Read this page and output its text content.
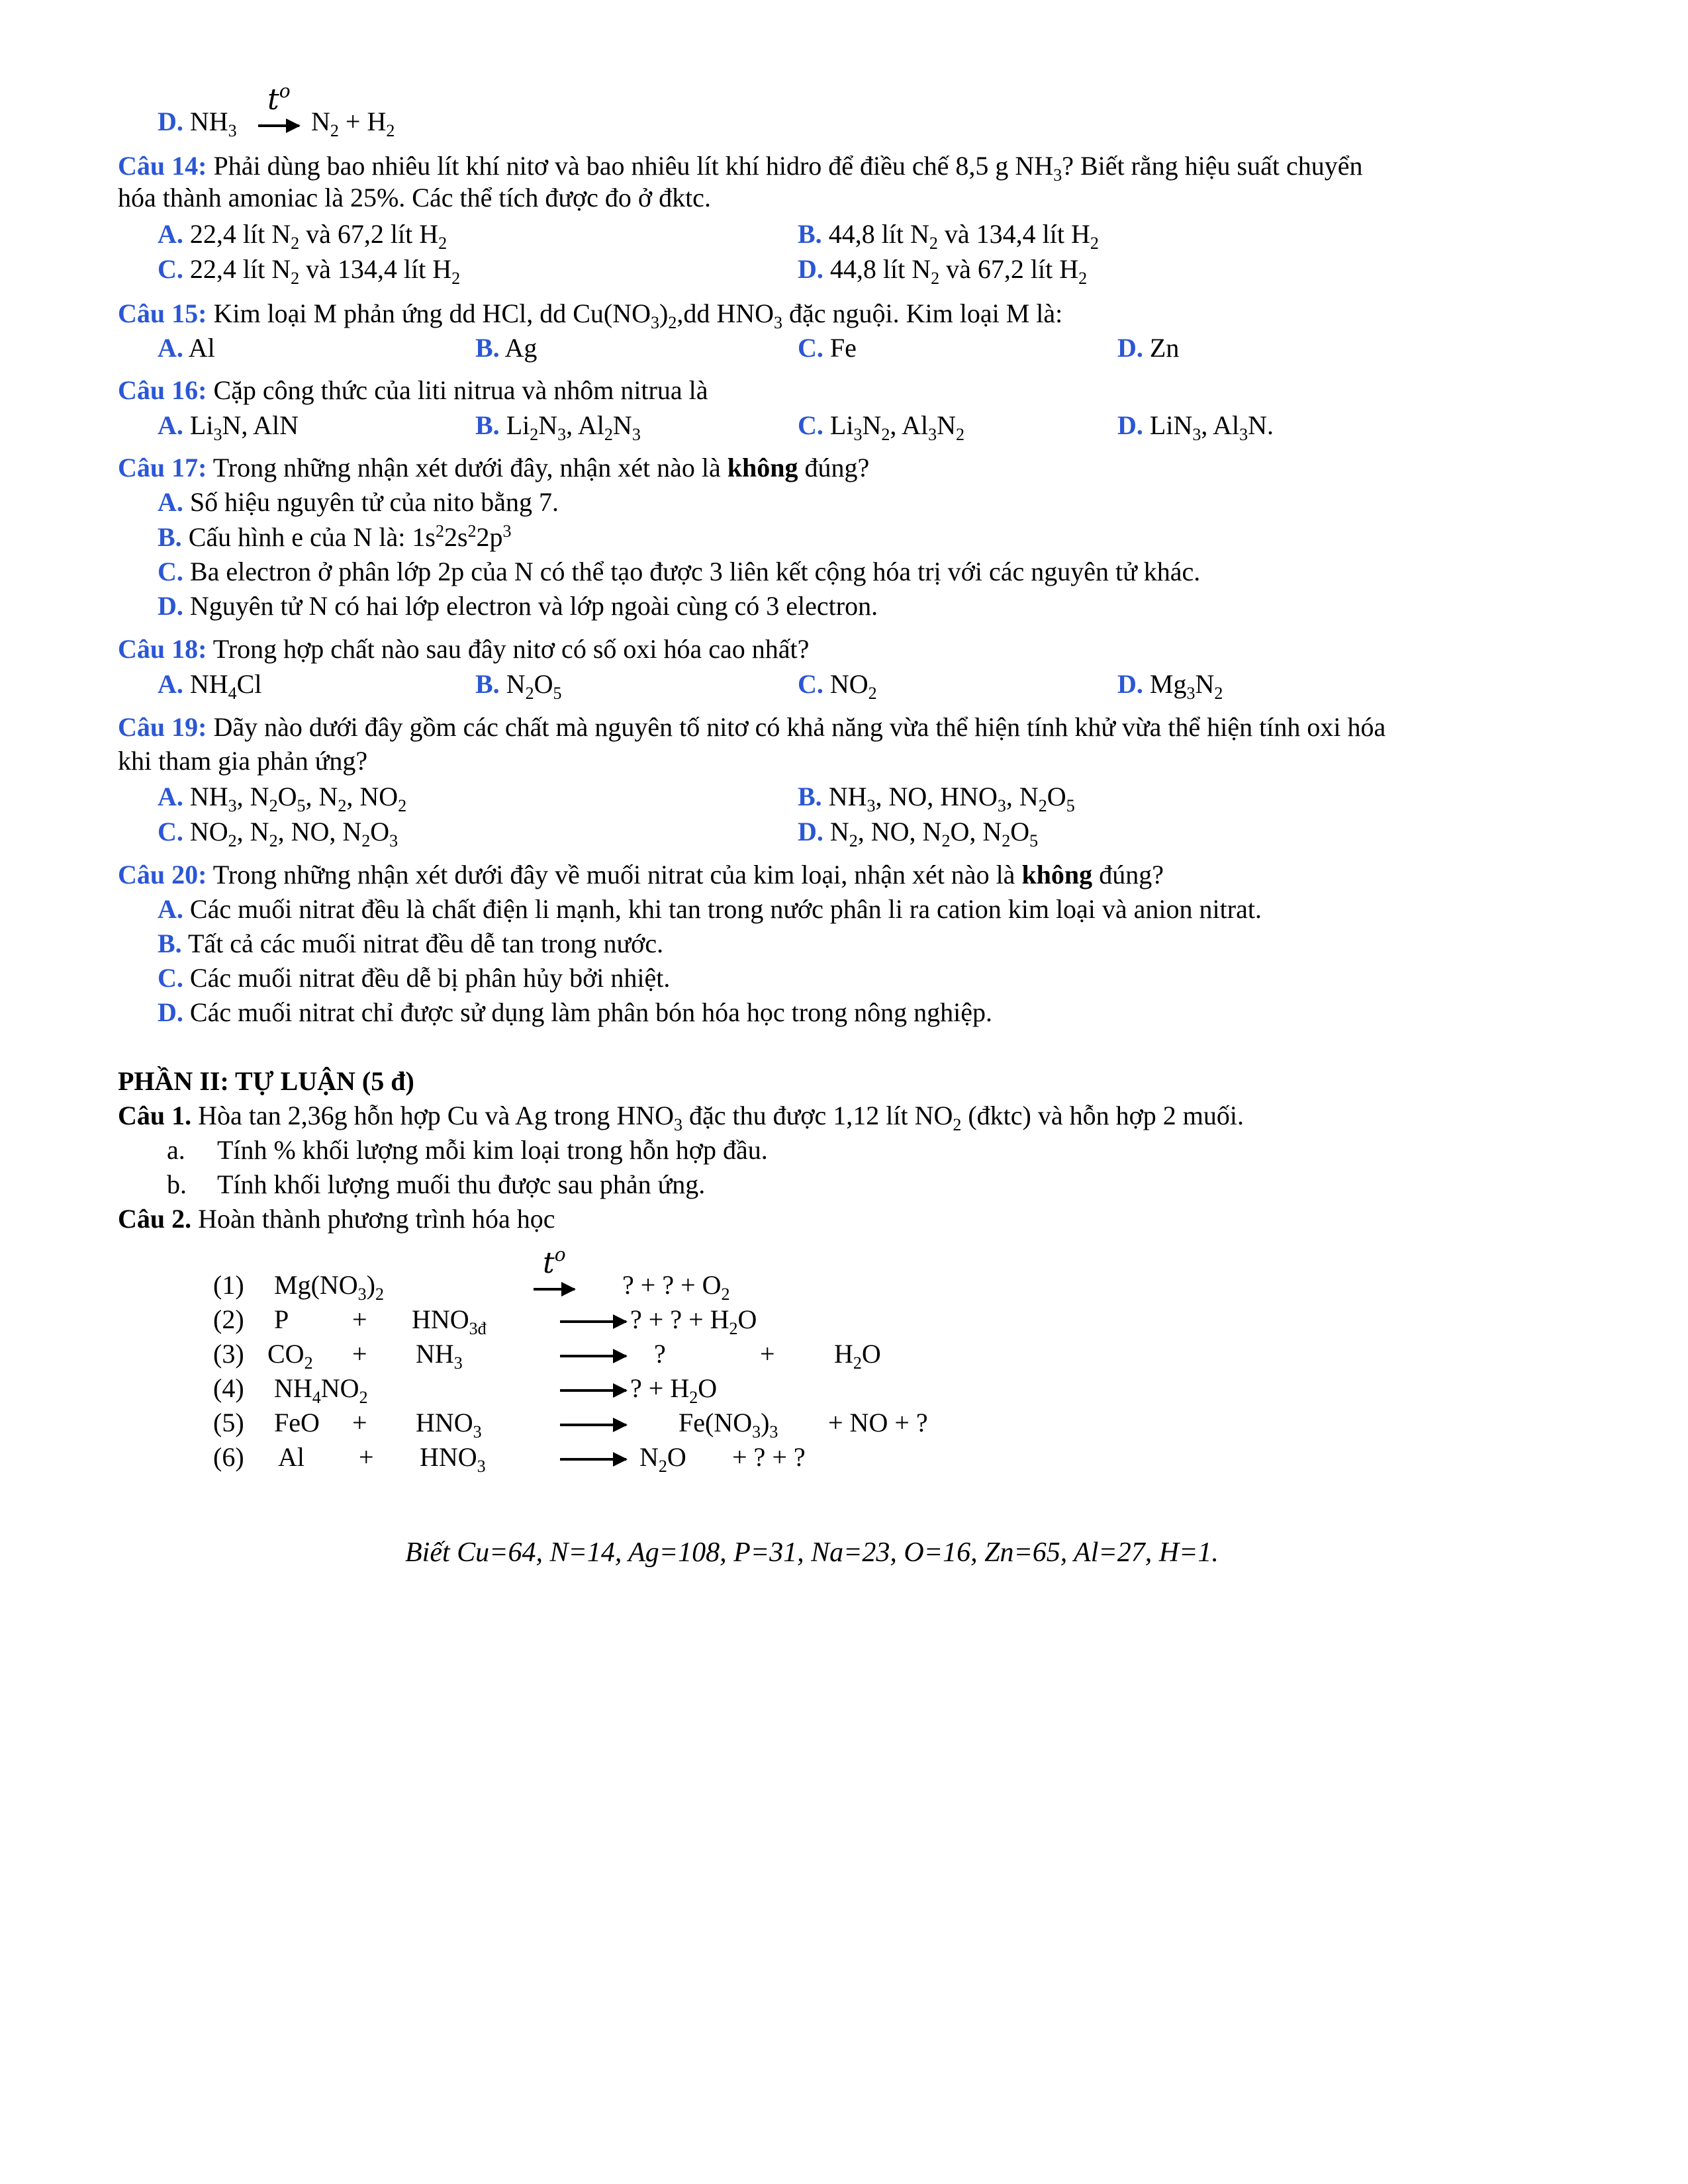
D. $NH_3$
$t^o$
$N_2 + H_2$
Câu 14: Phải dùng bao nhiêu lít khí nitơ và bao nhiêu lít khí hidro để điều chế 8,5 g $NH_3$? Biết rằng hiệu suất chuyển
hóa thành amoniac là 25%. Các thể tích được đo ở đktc.
A. 22,4 lít $N_2$ và 67,2 lít $H_2$	B. 44,8 lít $N_2$ và 134,4 lít $H_2$
C. 22,4 lít $N_2$ và 134,4 lít $H_2$	D. 44,8 lít $N_2$ và 67,2 lít $H_2$
Câu 15: Kim loại M phản ứng dd HCl, dd $Cu(NO_3)_2,dd$ $HNO_3$ đặc nguội. Kim loại M là:
A. Al	B. Ag	C. Fe	D. Zn
Câu 16: Cặp công thức của liti nitrua và nhôm nitrua là
A. $Li_3N$, AlN	B. $Li_2N_3$, $Al_2N_3$	C. $Li_3N_2$, $Al_3N_2$	D. LiN$_3$, $Al_3N$.
Câu 17: Trong những nhận xét dưới đây, nhận xét nào là không đúng?
A. Số hiệu nguyên tử của nito bằng 7.
B. Cấu hình e của N là: $1s^22s^22p^3$
C. Ba electron ở phân lớp 2p của N có thể tạo được 3 liên kết cộng hóa trị với các nguyên tử khác.
D. Nguyên tử N có hai lớp electron và lớp ngoài cùng có 3 electron.
Câu 18: Trong hợp chất nào sau đây nitơ có số oxi hóa cao nhất?
A. $NH_4Cl$	B. $N_2O_5$	C. $NO_2$	D. $Mg_3N_2$
Câu 19: Dãy nào dưới đây gồm các chất mà nguyên tố nitơ có khả năng vừa thể hiện tính khử vừa thể hiện tính oxi hóa
khi tham gia phản ứng?
A. $NH_3$, $N_2O_5$, $N_2$, $NO_2$	B. $NH_3$, NO, $HNO_3$, $N_2O_5$
C. $NO_2$, $N_2$, NO, $N_2O_3$	D. $N_2$, NO, $N_2O$, $N_2O_5$
Câu 20: Trong những nhận xét dưới đây về muối nitrat của kim loại, nhận xét nào là không đúng?
A. Các muối nitrat đều là chất điện li mạnh, khi tan trong nước phân li ra cation kim loại và anion nitrat.
B. Tất cả các muối nitrat đều dễ tan trong nước.
C. Các muối nitrat đều dễ bị phân hủy bởi nhiệt.
D. Các muối nitrat chỉ được sử dụng làm phân bón hóa học trong nông nghiệp.
PHẦN II: TỰ LUẬN (5 đ)
Câu 1. Hòa tan 2,36g hỗn hợp Cu và Ag trong $HNO_3$ đặc thu được 1,12 lít $NO_2$ (đktc) và hỗn hợp 2 muối.
a. Tính % khối lượng mỗi kim loại trong hỗn hợp đầu.
b. Tính khối lượng muối thu được sau phản ứng.
Câu 2. Hoàn thành phương trình hóa học
(1) $Mg(NO_3)_2$
$t^o$
? + ? + $O_2$
(2) $P + HNO_{3đ}$	? + ? + $H_2O$
(3) $CO_2 + NH_3$	?	+ $H_2O$
(4) $NH_4NO_2$	? + $H_2O$
(5) FeO + $HNO_3$	$Fe(NO_3)_3$ + NO + ?
(6) $Al + HNO_3$	$N_2O$ + ? + ?
Biết Cu=64, N=14, Ag=108, P=31, Na=23, O=16, Zn=65, Al=27, H=1.
